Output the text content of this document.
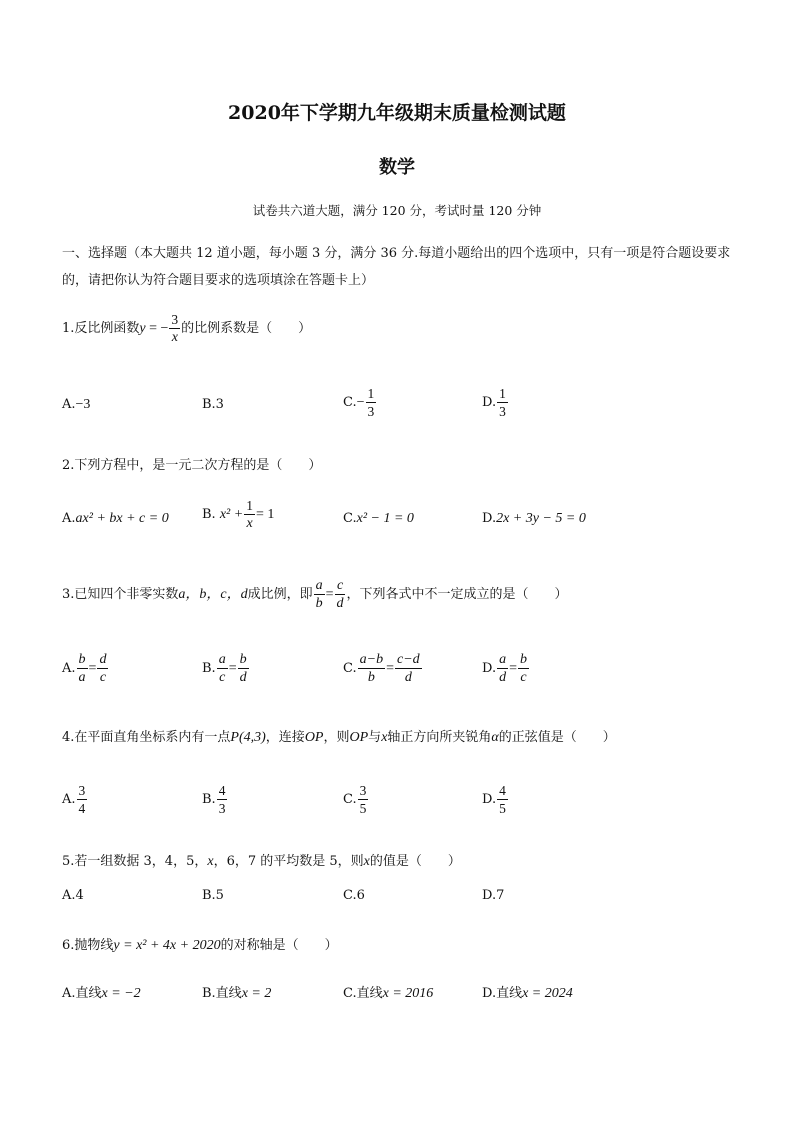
2020年下学期九年级期末质量检测试题
数学
试卷共六道大题，满分 120 分，考试时量 120 分钟
一、选择题（本大题共 12 道小题，每小题 3 分，满分 36 分.每道小题给出的四个选项中，只有一项是符合题设要求的，请把你认为符合题目要求的选项填涂在答题卡上）
1.反比例函数y = − $\frac{3}{x}$ 的比例系数是（　　）
A.−3	B.3	$C.- \frac{1}{3}$	D. $\frac{1}{3}$
2.下列方程中，是一元二次方程的是（　　）
A.ax² + bx + c = 0	B. $x^2 + \frac{1}{x} = 1$	C.x² − 1 = 0	D.2x + 3y − 5 = 0
3.已知四个非零实数a，b，c，d成比例，即 $\frac{a}{b} = \frac{c}{d}$ ，下列各式中不一定成立的是（　　）
A. $\frac{b}{a} = \frac{d}{c}$	B. $\frac{a}{c} = \frac{b}{d}$	C. $\frac{a-b}{b} = \frac{c-d}{d}$	D. $\frac{a}{d} = \frac{b}{c}$
4.在平面直角坐标系内有一点P(4,3)，连接OP，则OP与x轴正方向所夹锐角α的正弦值是（　　）
A. $\frac{3}{4}$	B. $\frac{4}{3}$	C. $\frac{3}{5}$	D. $\frac{4}{5}$
5.若一组数据 3，4，5，x，6，7 的平均数是 5，则x的值是（　　）
A.4	B.5	C.6	D.7
6.抛物线y = x² + 4x + 2020的对称轴是（　　）
A.直线x = −2	B.直线x = 2	C.直线x = 2016	D.直线x = 2024
